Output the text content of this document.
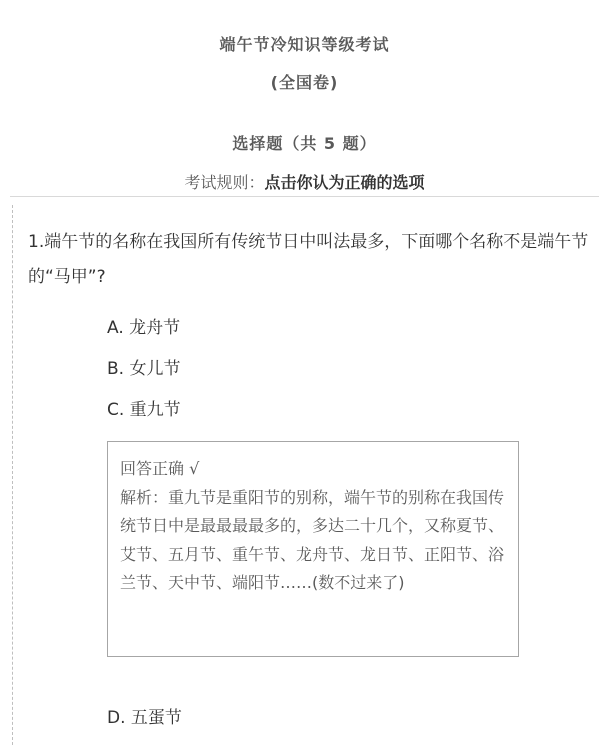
端午节冷知识等级考试
(全国卷)
选择题（共 5 题）
考试规则：点击你认为正确的选项
1.端午节的名称在我国所有传统节日中叫法最多，下面哪个名称不是端午节的“马甲”?
A. 龙舟节
B. 女儿节
C. 重九节
回答正确 √
解析：重九节是重阳节的别称，端午节的别称在我国传统节日中是最最最最多的，多达二十几个，又称夏节、艾节、五月节、重午节、龙舟节、龙日节、正阳节、浴兰节、天中节、端阳节……(数不过来了)
D. 五蛋节
